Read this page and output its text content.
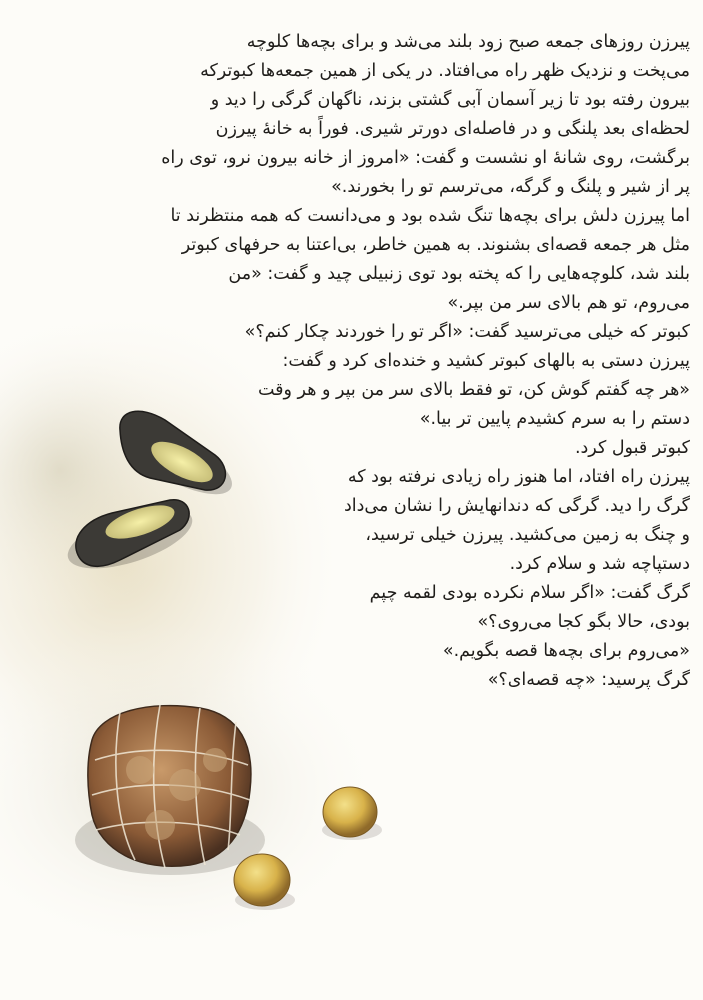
پیرزن روزهای جمعه صبح زود بلند می‌شد و برای بچه‌ها کلوچه
می‌پخت و نزدیک ظهر راه می‌افتاد. در یکی از همین جمعه‌ها کبوترکه
بیرون رفته بود تا زیر آسمان آبی گشتی بزند، ناگهان گرگی را دید و
لحظه‌ای بعد پلنگی و در فاصله‌ای دورتر شیری. فوراً به خانهٔ پیرزن
برگشت، روی شانهٔ او نشست و گفت: «امروز از خانه بیرون نرو، توی راه
پر از شیر و پلنگ و گرگه، می‌ترسم تو را بخورند.»
اما پیرزن دلش برای بچه‌ها تنگ شده بود و می‌دانست که همه منتظرند تا
مثل هر جمعه قصه‌ای بشنوند. به همین خاطر، بی‌اعتنا به حرفهای کبوتر
بلند شد، کلوچه‌هایی را که پخته بود توی زنبیلی چید و گفت: «من
می‌روم، تو هم بالای سر من بپر.»
کبوتر که خیلی می‌ترسید گفت: «اگر تو را خوردند چکار کنم؟»
پیرزن دستی به بالهای کبوتر کشید و خنده‌ای کرد و گفت:
«هر چه گفتم گوش کن، تو فقط بالای سر من بپر و هر وقت
دستم را به سرم کشیدم پایین تر بیا.»
کبوتر قبول کرد.
پیرزن راه افتاد، اما هنوز راه زیادی نرفته بود که
گرگ را دید. گرگی که دندانهایش را نشان می‌داد
و چنگ به زمین می‌کشید. پیرزن خیلی ترسید،
دستپاچه شد و سلام کرد.
گرگ گفت: «اگر سلام نکرده بودی لقمه چپم
بودی، حالا بگو کجا می‌روی؟»
«می‌روم برای بچه‌ها قصه بگویم.»
گرگ پرسید: «چه قصه‌ای؟»
